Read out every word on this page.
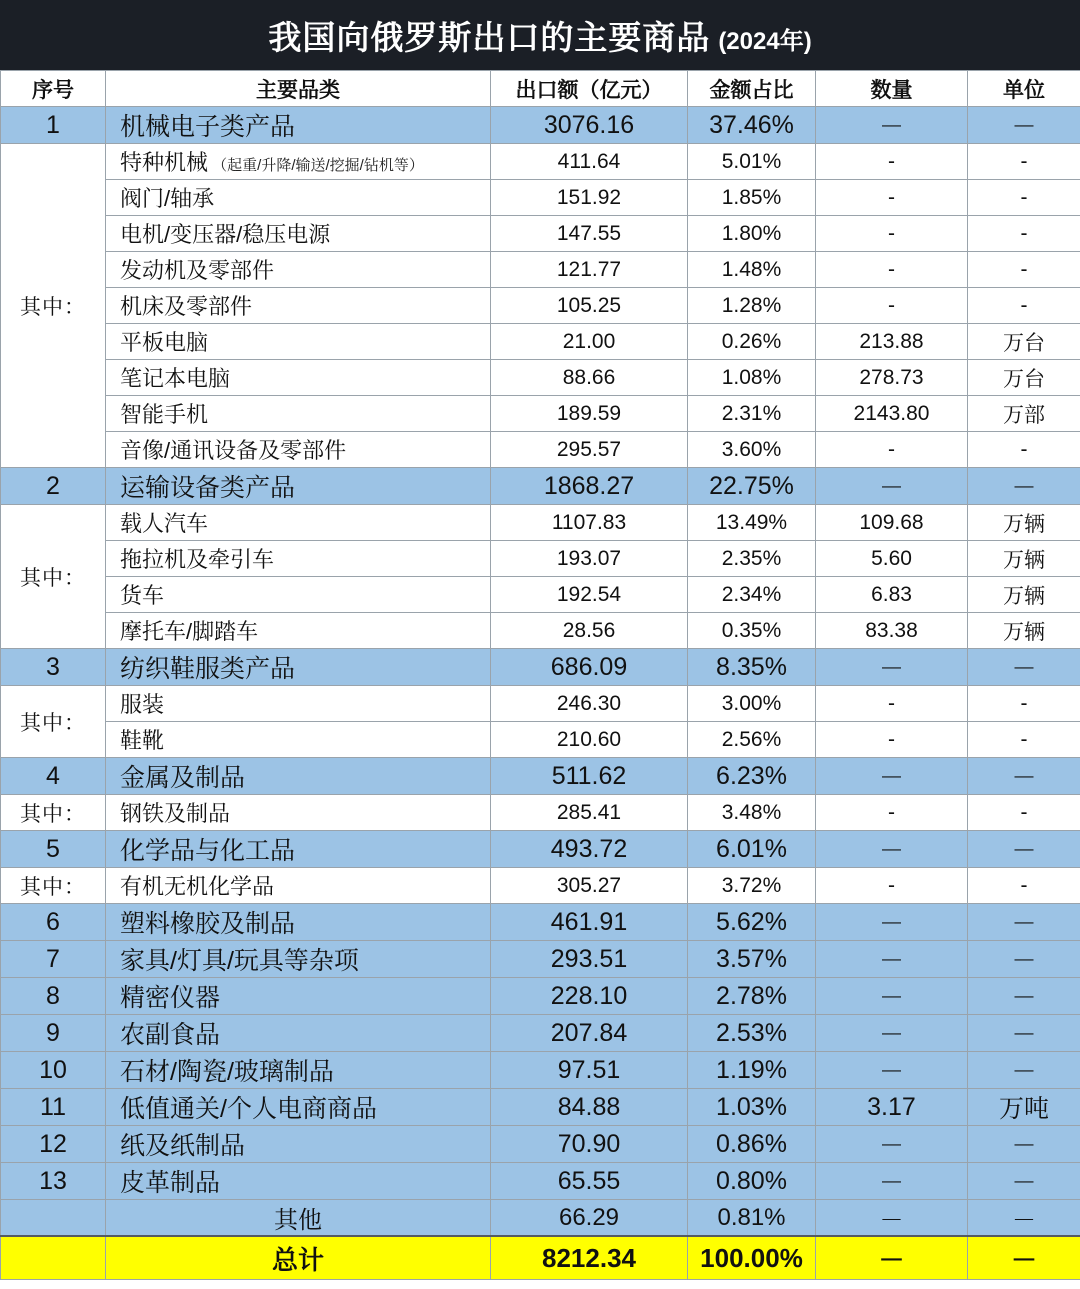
我国向俄罗斯出口的主要商品 (2024年)
序号	主要品类	出口额（亿元）	金额占比	数量	单位
1	机械电子类产品	3076.16	37.46%	－	－
其中：	特种机械 （起重/升降/输送/挖掘/钻机等）	411.64	5.01%	-	-
	阀门/轴承	151.92	1.85%	-	-
	电机/变压器/稳压电源	147.55	1.80%	-	-
	发动机及零部件	121.77	1.48%	-	-
	机床及零部件	105.25	1.28%	-	-
	平板电脑	21.00	0.26%	213.88	万台
	笔记本电脑	88.66	1.08%	278.73	万台
	智能手机	189.59	2.31%	2143.80	万部
	音像/通讯设备及零部件	295.57	3.60%	-	-
2	运输设备类产品	1868.27	22.75%	－	－
其中：	载人汽车	1107.83	13.49%	109.68	万辆
	拖拉机及牵引车	193.07	2.35%	5.60	万辆
	货车	192.54	2.34%	6.83	万辆
	摩托车/脚踏车	28.56	0.35%	83.38	万辆
3	纺织鞋服类产品	686.09	8.35%	－	－
其中：	服装	246.30	3.00%	-	-
	鞋靴	210.60	2.56%	-	-
4	金属及制品	511.62	6.23%	－	－
其中：	钢铁及制品	285.41	3.48%	-	-
5	化学品与化工品	493.72	6.01%	－	－
其中：	有机无机化学品	305.27	3.72%	-	-
6	塑料橡胶及制品	461.91	5.62%	－	－
7	家具/灯具/玩具等杂项	293.51	3.57%	－	－
8	精密仪器	228.10	2.78%	－	－
9	农副食品	207.84	2.53%	－	－
10	石材/陶瓷/玻璃制品	97.51	1.19%	－	－
11	低值通关/个人电商商品	84.88	1.03%	3.17	万吨
12	纸及纸制品	70.90	0.86%	－	－
13	皮革制品	65.55	0.80%	－	－
	其他	66.29	0.81%	－	－
	总计	8212.34	100.00%	－	－
